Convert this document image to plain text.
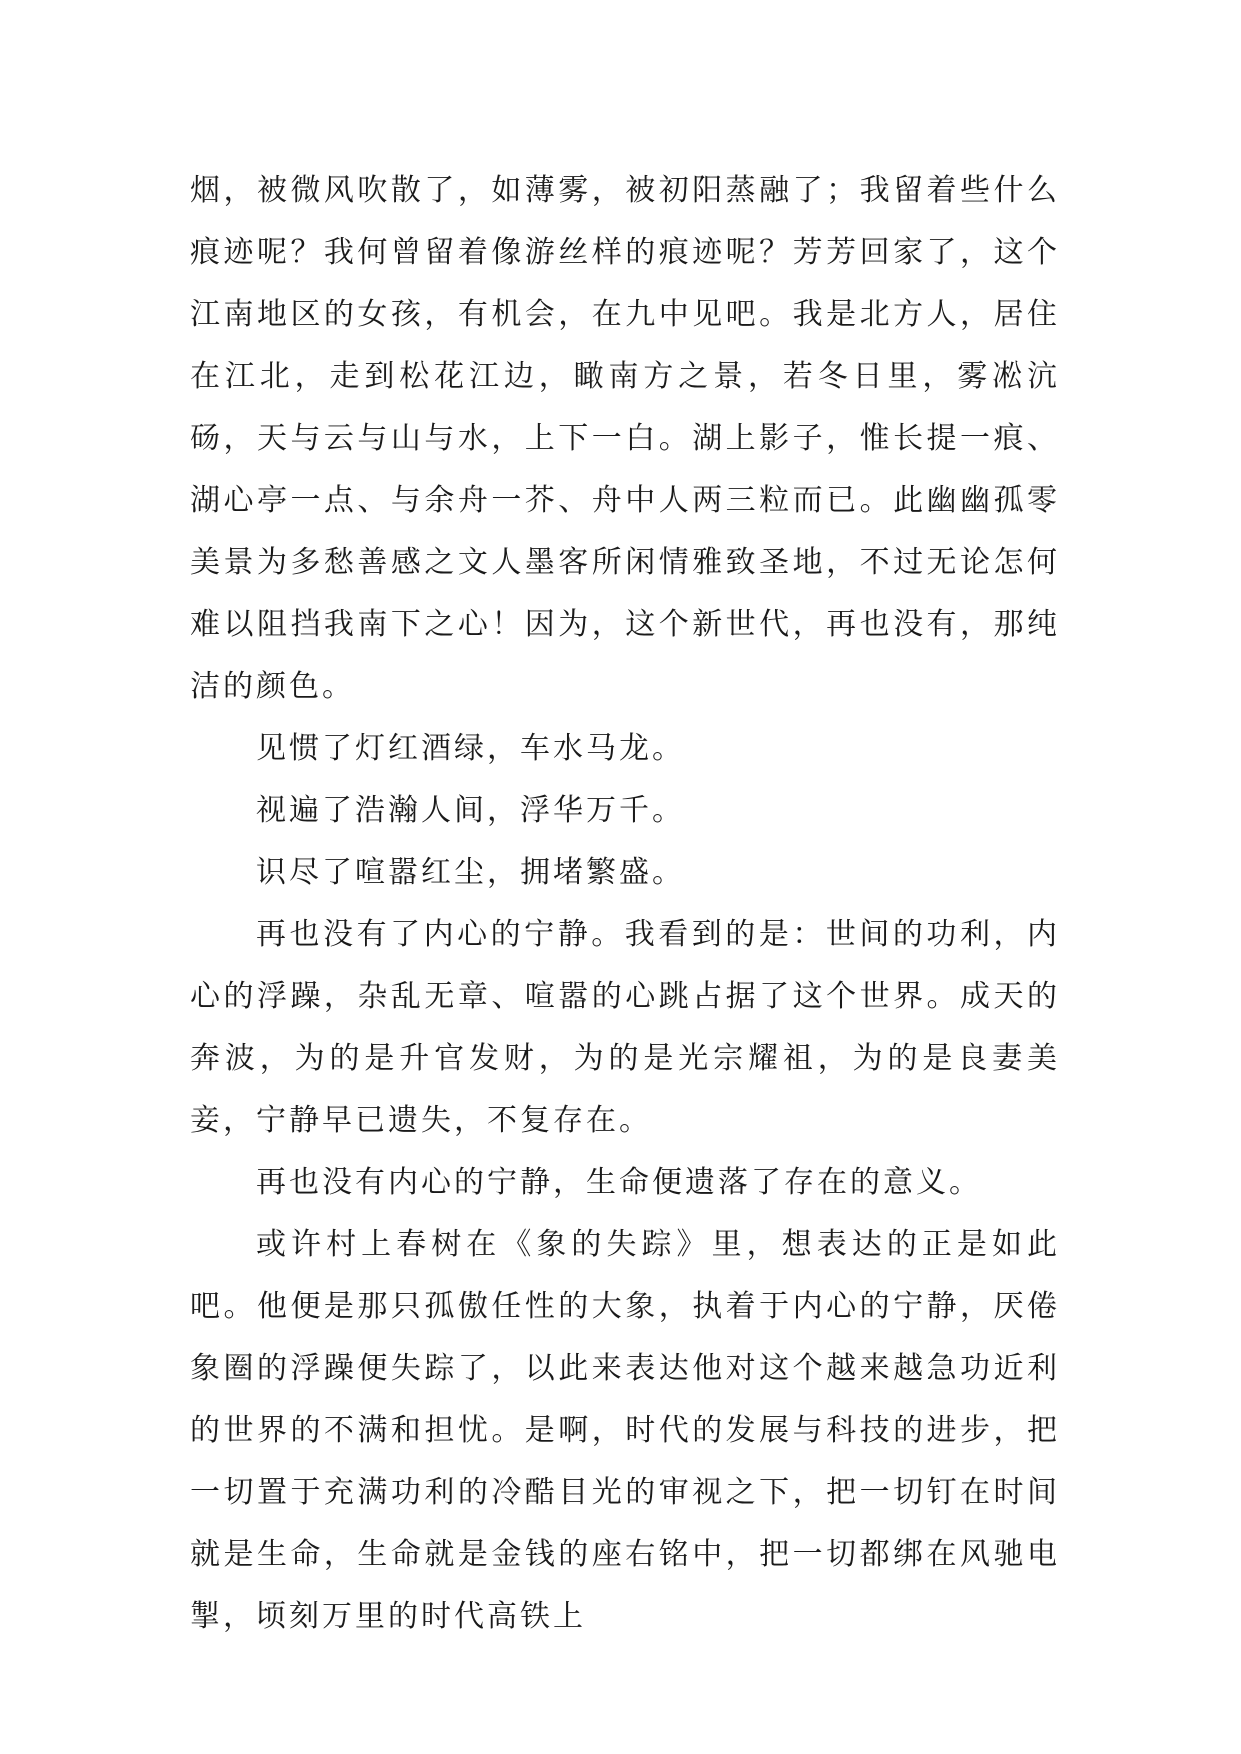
烟，被微风吹散了，如薄雾，被初阳蒸融了；我留着些什么痕迹呢？我何曾留着像游丝样的痕迹呢？芳芳回家了，这个江南地区的女孩，有机会，在九中见吧。我是北方人，居住在江北，走到松花江边，瞰南方之景，若冬日里，雾凇沆砀，天与云与山与水，上下一白。湖上影子，惟长提一痕、湖心亭一点、与余舟一芥、舟中人两三粒而已。此幽幽孤零美景为多愁善感之文人墨客所闲情雅致圣地，不过无论怎何难以阻挡我南下之心！因为，这个新世代，再也没有，那纯洁的颜色。

见惯了灯红酒绿，车水马龙。

视遍了浩瀚人间，浮华万千。

识尽了喧嚣红尘，拥堵繁盛。

再也没有了内心的宁静。我看到的是：世间的功利，内心的浮躁，杂乱无章、喧嚣的心跳占据了这个世界。成天的奔波，为的是升官发财，为的是光宗耀祖，为的是良妻美妾，宁静早已遗失，不复存在。

再也没有内心的宁静，生命便遗落了存在的意义。

或许村上春树在《象的失踪》里，想表达的正是如此吧。他便是那只孤傲任性的大象，执着于内心的宁静，厌倦象圈的浮躁便失踪了，以此来表达他对这个越来越急功近利的世界的不满和担忧。是啊，时代的发展与科技的进步，把一切置于充满功利的冷酷目光的审视之下，把一切钉在时间就是生命，生命就是金钱的座右铭中，把一切都绑在风驰电掣，顷刻万里的时代高铁上
